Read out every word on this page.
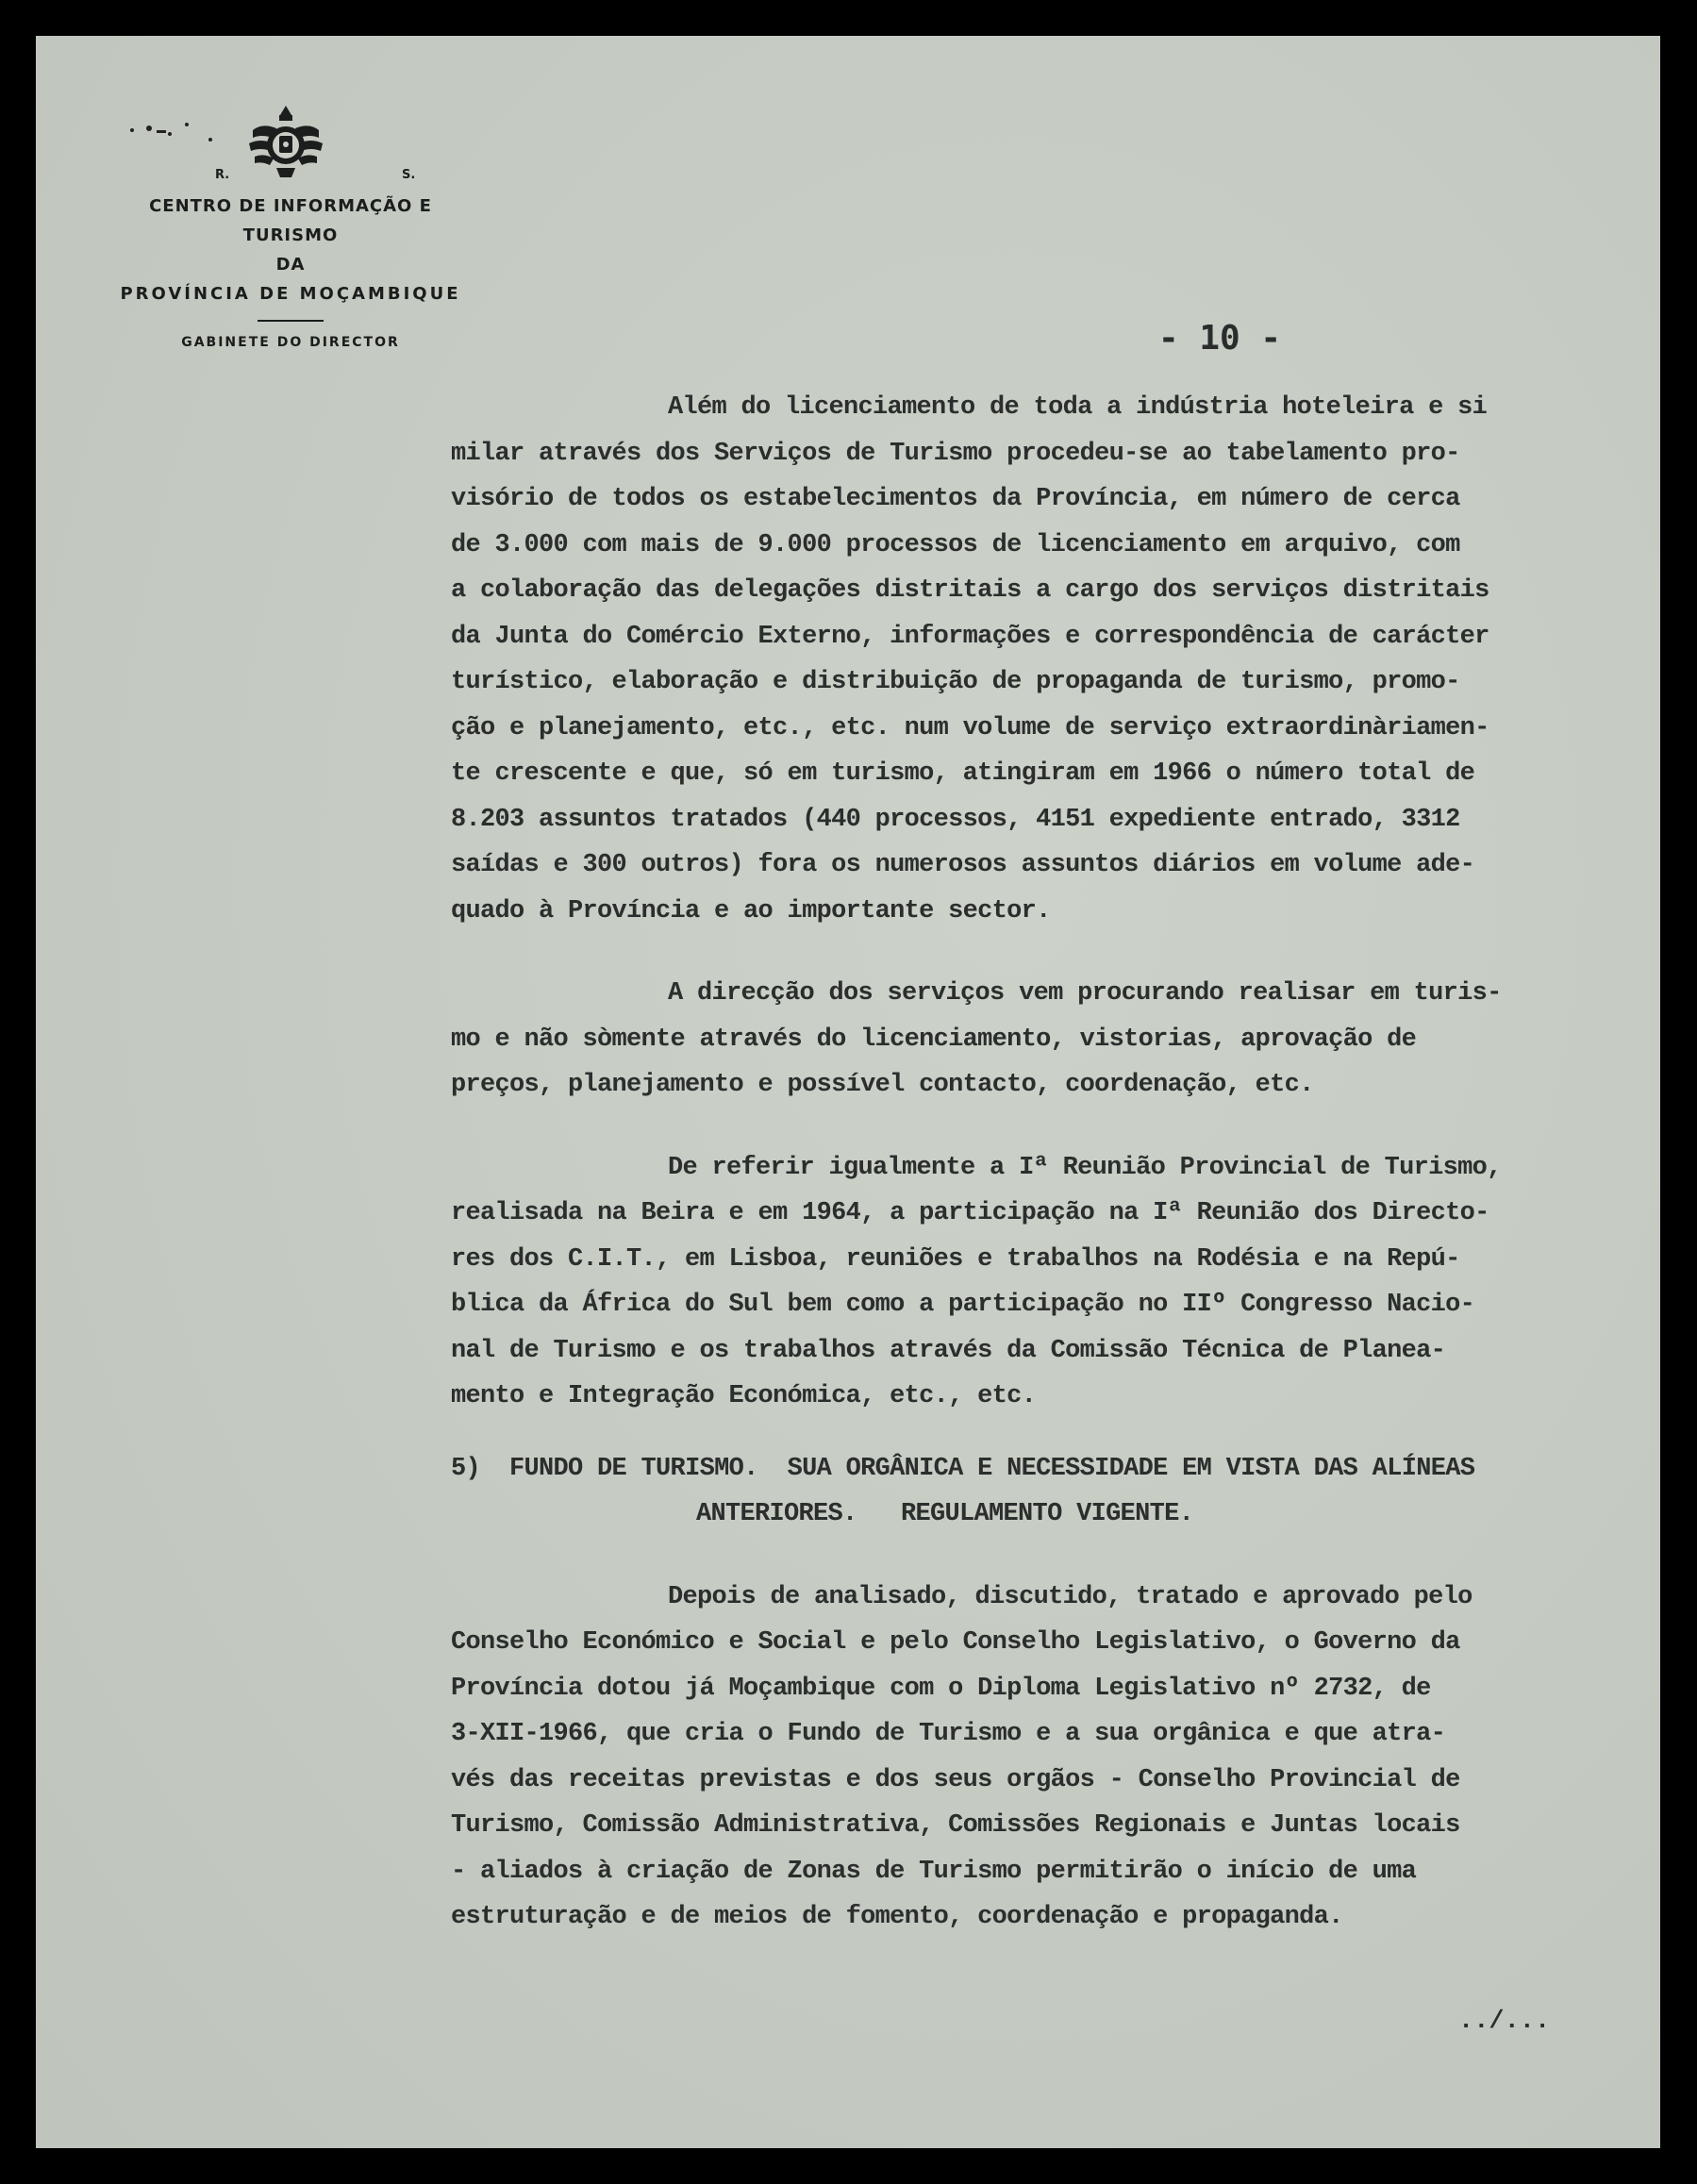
R.	S.
CENTRO DE INFORMAÇÃO E TURISMO
DA
PROVÍNCIA DE MOÇAMBIQUE
GABINETE DO DIRECTOR	- 10 -
Além do licenciamento de toda a indústria hoteleira e si
milar através dos Serviços de Turismo procedeu-se ao tabelamento pro-
visório de todos os estabelecimentos da Província, em número de cerca
de 3.000 com mais de 9.000 processos de licenciamento em arquivo, com
a colaboração das delegações distritais a cargo dos serviços distritais
da Junta do Comércio Externo, informações e correspondência de carácter
turístico, elaboração e distribuição de propaganda de turismo, promo-
ção e planejamento, etc., etc. num volume de serviço extraordinàriamen-
te crescente e que, só em turismo, atingiram em 1966 o número total de
8.203 assuntos tratados (440 processos, 4151 expediente entrado, 3312
saídas e 300 outros) fora os numerosos assuntos diários em volume ade-
quado à Província e ao importante sector.
A direcção dos serviços vem procurando realisar em turis-
mo e não sòmente através do licenciamento, vistorias, aprovação de
preços, planejamento e possível contacto, coordenação, etc.
De referir igualmente a Iª Reunião Provincial de Turismo,
realisada na Beira e em 1964, a participação na Iª Reunião dos Directo-
res dos C.I.T., em Lisboa, reuniões e trabalhos na Rodésia e na Repú-
blica da África do Sul bem como a participação no IIº Congresso Nacio-
nal de Turismo e os trabalhos através da Comissão Técnica de Planea-
mento e Integração Económica, etc., etc.
5) FUNDO DE TURISMO.  SUA ORGÂNICA E NECESSIDADE EM VISTA DAS ALÍNEAS
ANTERIORES.   REGULAMENTO VIGENTE.
Depois de analisado, discutido, tratado e aprovado pelo
Conselho Económico e Social e pelo Conselho Legislativo, o Governo da
Província dotou já Moçambique com o Diploma Legislativo nº 2732, de
3-XII-1966, que cria o Fundo de Turismo e a sua orgânica e que atra-
vés das receitas previstas e dos seus orgãos - Conselho Provincial de
Turismo, Comissão Administrativa, Comissões Regionais e Juntas locais
- aliados à criação de Zonas de Turismo permitirão o início de uma
estruturação e de meios de fomento, coordenação e propaganda.
../...
